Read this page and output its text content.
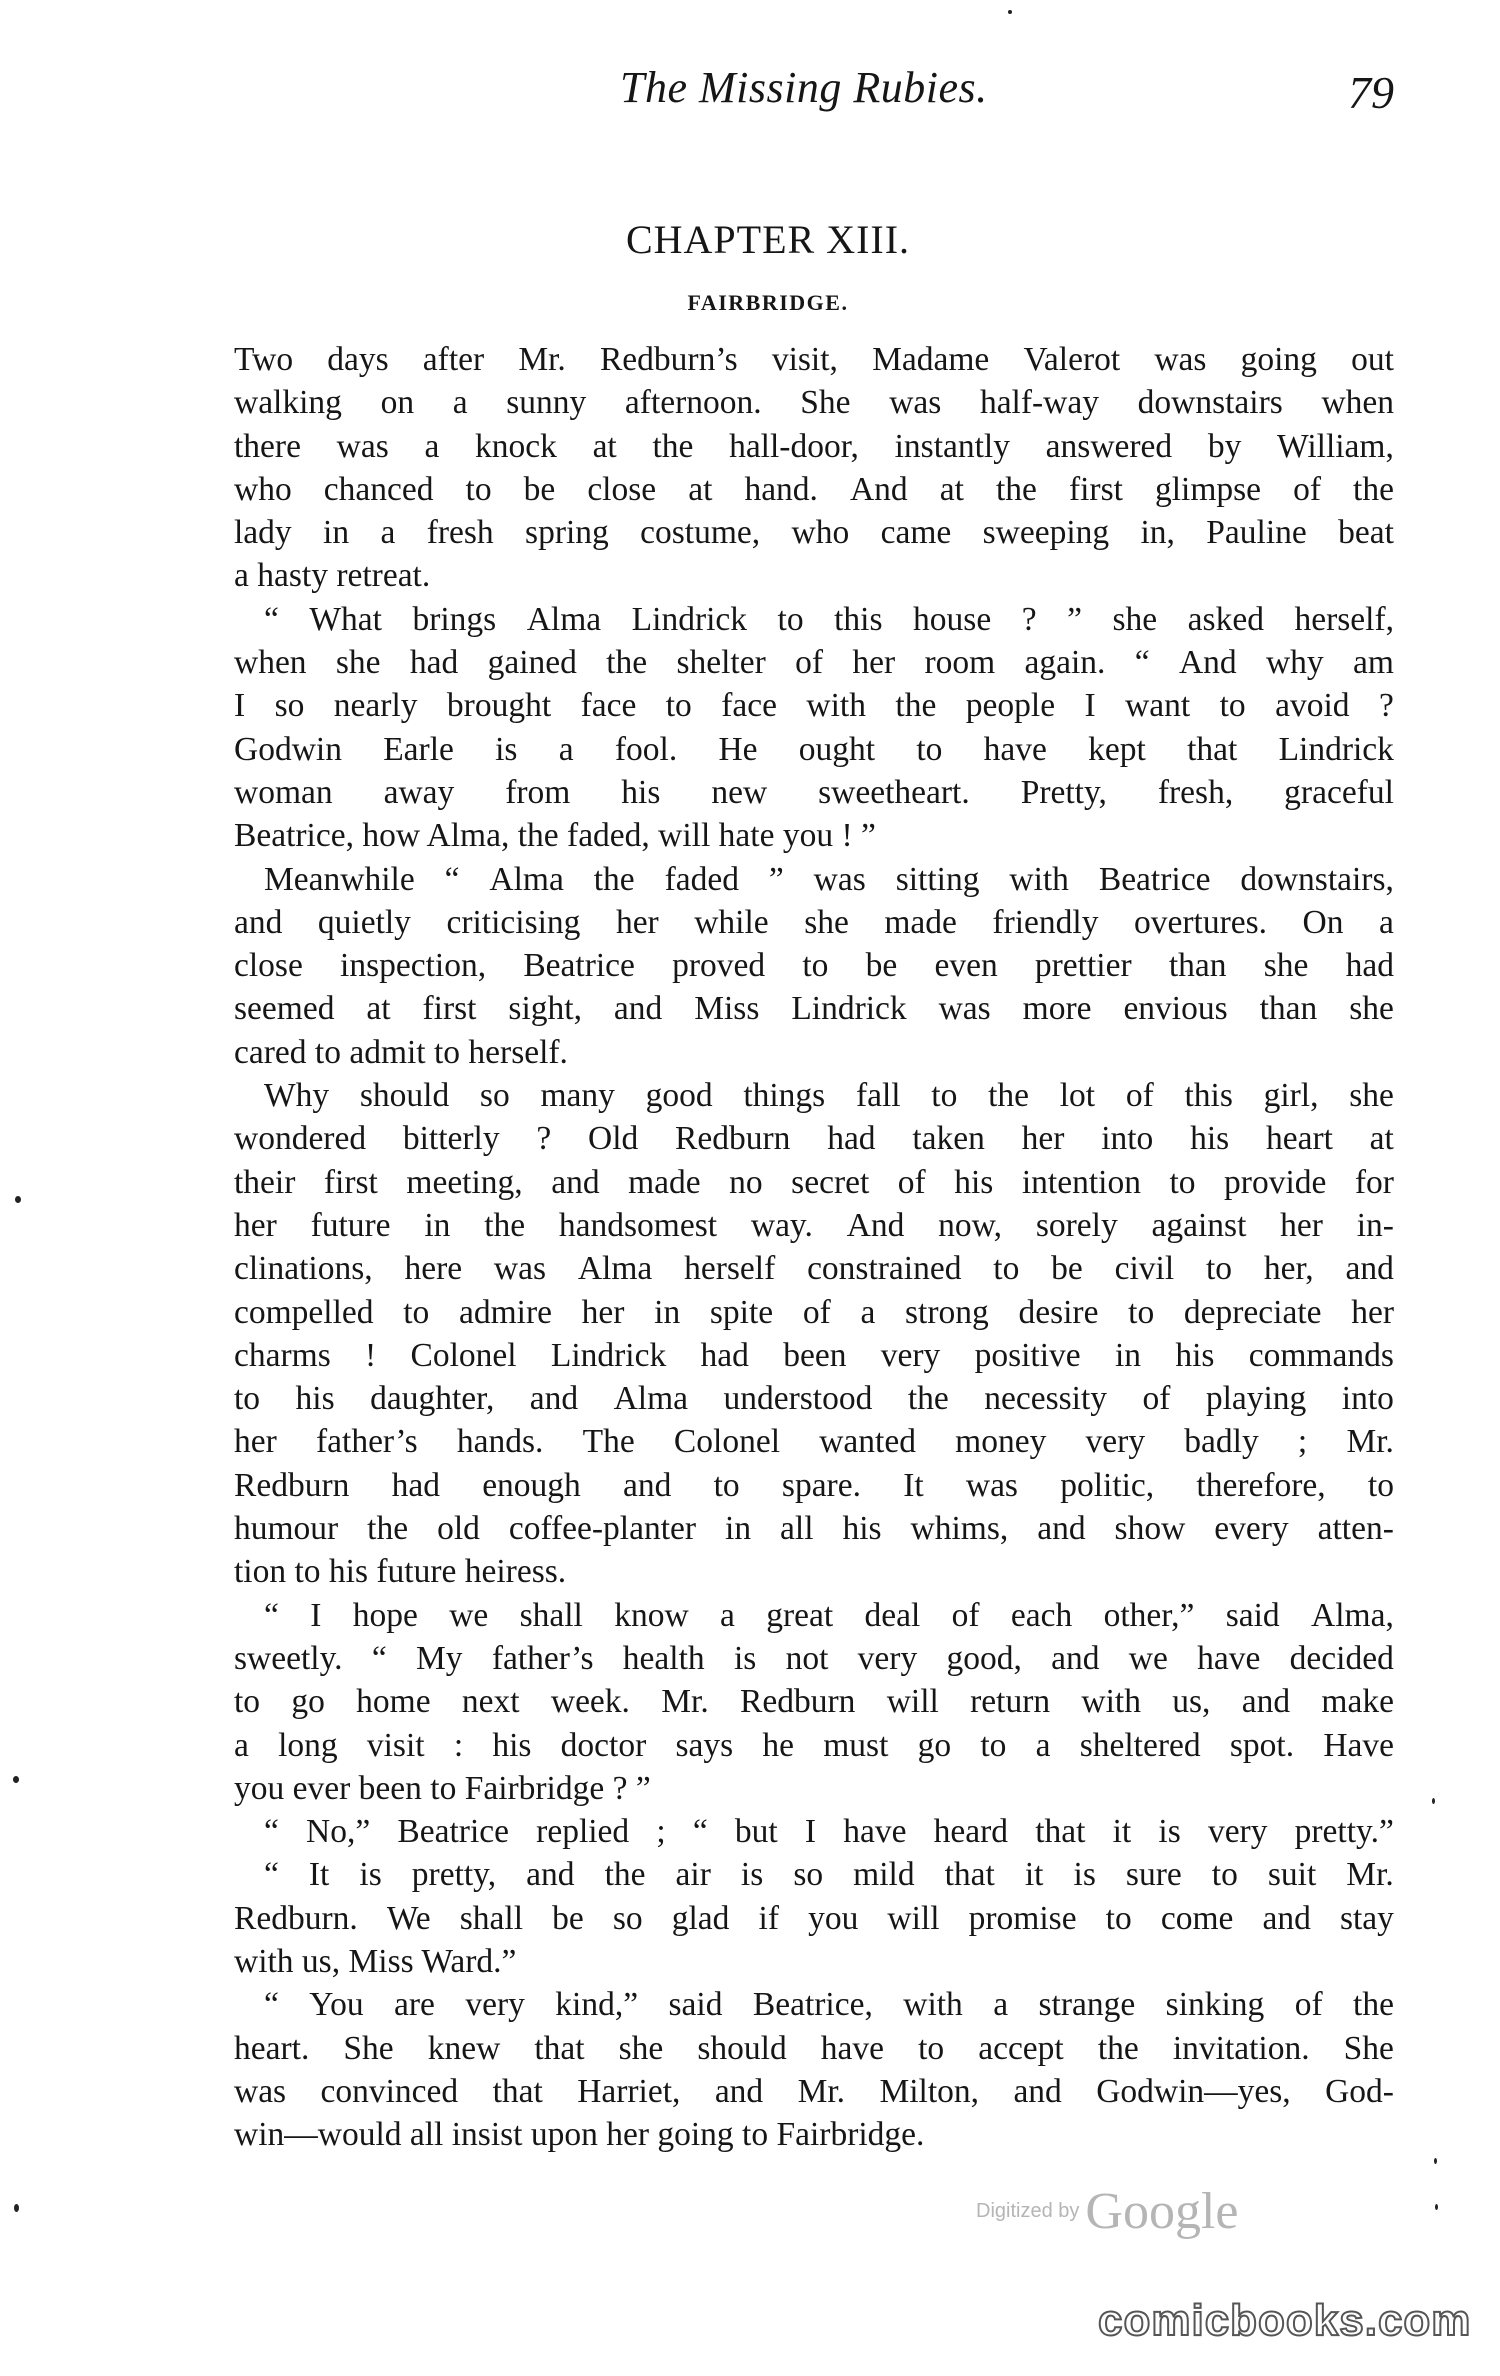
The Missing Rubies.	79
CHAPTER XIII.
FAIRBRIDGE.
Two days after Mr. Redburn’s visit, Madame Valerot was going out
walking on a sunny afternoon. She was half-way downstairs when
there was a knock at the hall-door, instantly answered by William,
who chanced to be close at hand. And at the first glimpse of the
lady in a fresh spring costume, who came sweeping in, Pauline beat
a hasty retreat.
“ What brings Alma Lindrick to this house ? ” she asked herself,
when she had gained the shelter of her room again. “ And why am
I so nearly brought face to face with the people I want to avoid ?
Godwin Earle is a fool. He ought to have kept that Lindrick
woman away from his new sweetheart. Pretty, fresh, graceful
Beatrice, how Alma, the faded, will hate you ! ”
Meanwhile “ Alma the faded ” was sitting with Beatrice downstairs,
and quietly criticising her while she made friendly overtures. On a
close inspection, Beatrice proved to be even prettier than she had
seemed at first sight, and Miss Lindrick was more envious than she
cared to admit to herself.
Why should so many good things fall to the lot of this girl, she
wondered bitterly ? Old Redburn had taken her into his heart at
their first meeting, and made no secret of his intention to provide for
her future in the handsomest way. And now, sorely against her in-
clinations, here was Alma herself constrained to be civil to her, and
compelled to admire her in spite of a strong desire to depreciate her
charms ! Colonel Lindrick had been very positive in his commands
to his daughter, and Alma understood the necessity of playing into
her father’s hands. The Colonel wanted money very badly ; Mr.
Redburn had enough and to spare. It was politic, therefore, to
humour the old coffee-planter in all his whims, and show every atten-
tion to his future heiress.
“ I hope we shall know a great deal of each other,” said Alma,
sweetly. “ My father’s health is not very good, and we have decided
to go home next week. Mr. Redburn will return with us, and make
a long visit : his doctor says he must go to a sheltered spot. Have
you ever been to Fairbridge ? ”
“ No,” Beatrice replied ; “ but I have heard that it is very pretty.”
“ It is pretty, and the air is so mild that it is sure to suit Mr.
Redburn. We shall be so glad if you will promise to come and stay
with us, Miss Ward.”
“ You are very kind,” said Beatrice, with a strange sinking of the
heart. She knew that she should have to accept the invitation. She
was convinced that Harriet, and Mr. Milton, and Godwin—yes, God-
win—would all insist upon her going to Fairbridge.
Digitized by Google
comicbooks.com
